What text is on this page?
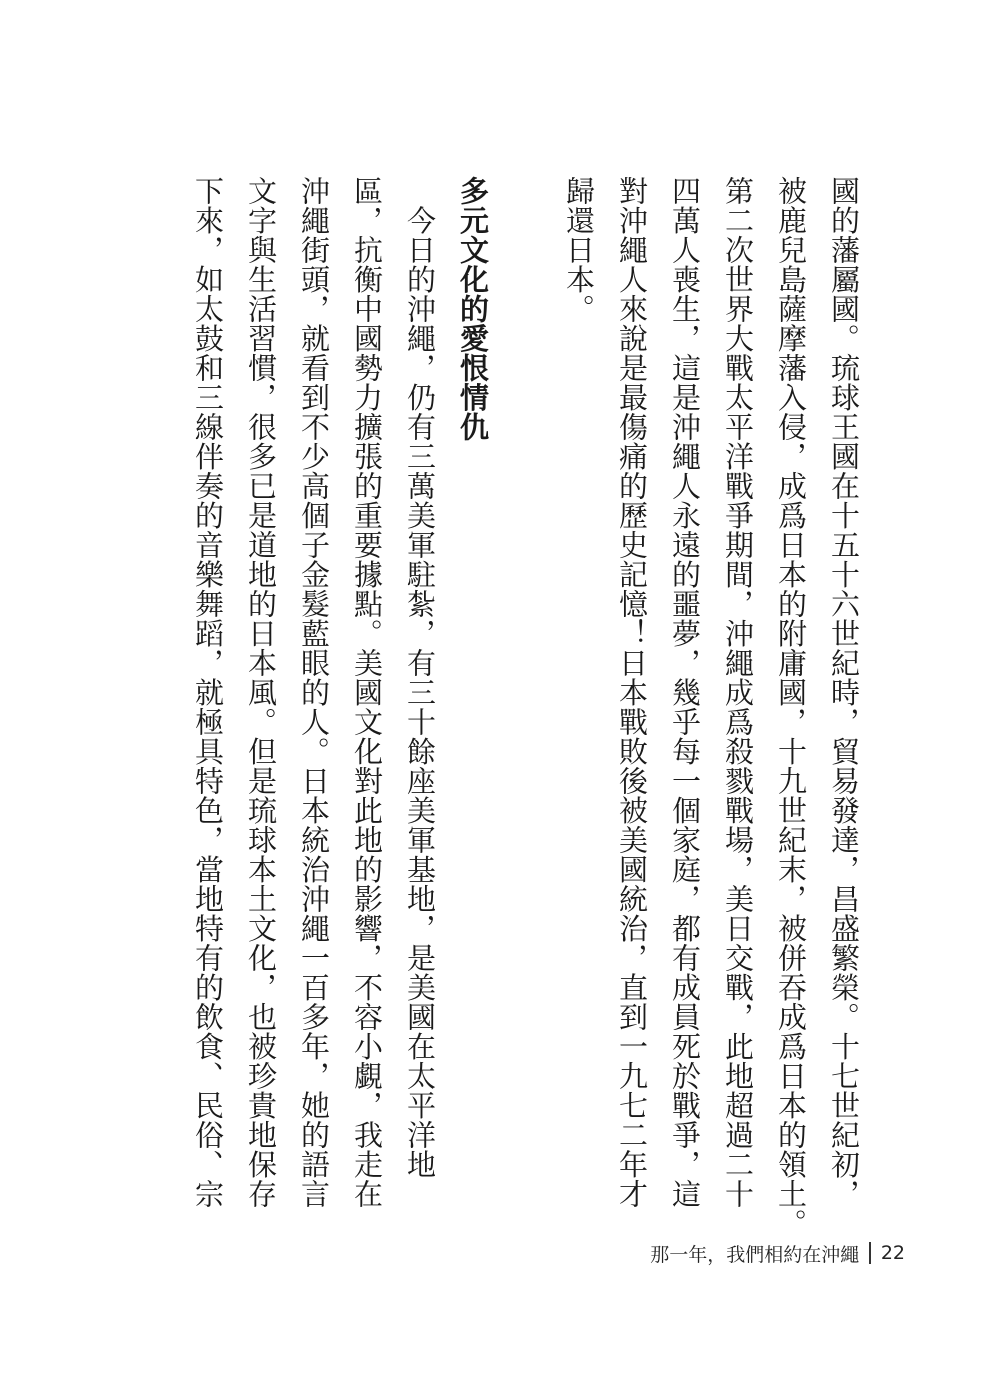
國的藩屬國。琉球王國在十五十六世紀時，貿易發達，昌盛繁榮。十七世紀初，
被鹿兒島薩摩藩入侵，成爲日本的附庸國，十九世紀末，被併吞成爲日本的領土。
第二次世界大戰太平洋戰爭期間，沖繩成爲殺戮戰場，美日交戰，此地超過二十
四萬人喪生，這是沖繩人永遠的噩夢，幾乎每一個家庭，都有成員死於戰爭，這
對沖繩人來說是最傷痛的歷史記憶！日本戰敗後被美國統治，直到一九七二年才
歸還日本。
多元文化的愛恨情仇
　今日的沖繩，仍有三萬美軍駐紮，有三十餘座美軍基地，是美國在太平洋地
區，抗衡中國勢力擴張的重要據點。美國文化對此地的影響，不容小覷，我走在
沖繩街頭，就看到不少高個子金髮藍眼的人。日本統治沖繩一百多年，她的語言
文字與生活習慣，很多已是道地的日本風。但是琉球本土文化，也被珍貴地保存
下來，如太鼓和三線伴奏的音樂舞蹈，就極具特色，當地特有的飲食、民俗、宗
那一年，我們相約在沖繩 22
